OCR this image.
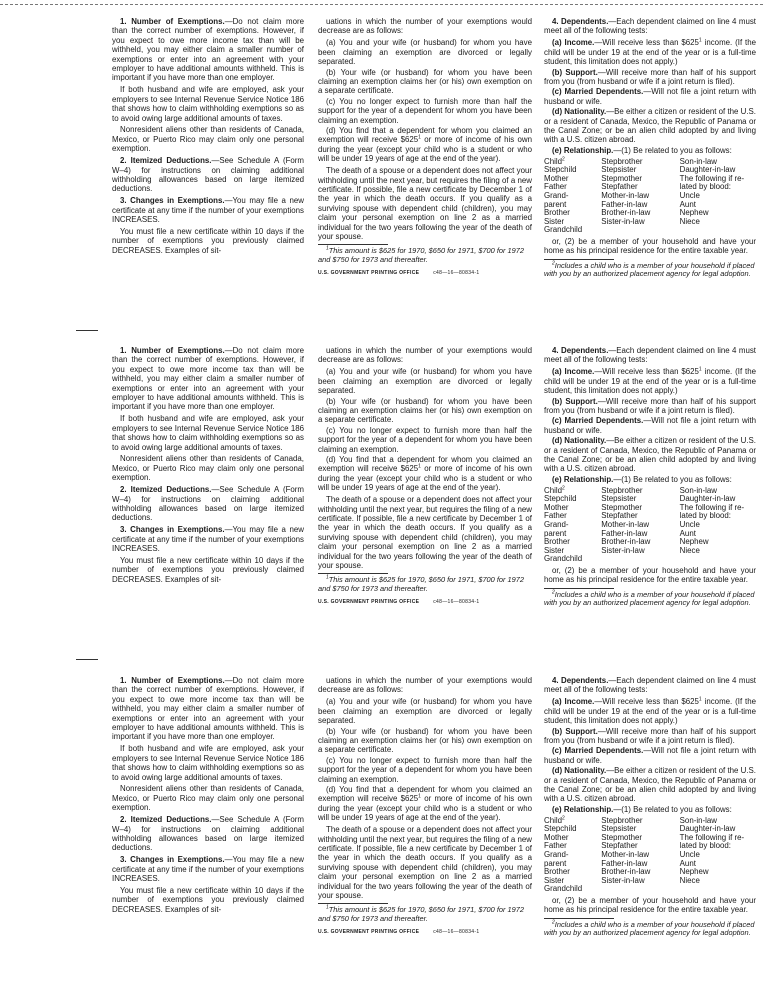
1. Number of Exemptions.—Do not claim more than the correct number of exemptions. However, if you expect to owe more income tax than will be withheld, you may either claim a smaller number of exemptions or enter into an agreement with your employer to have additional amounts withheld. This is important if you have more than one employer.

If both husband and wife are employed, ask your employers to see Internal Revenue Service Notice 186 that shows how to claim withholding exemptions so as to avoid owing large additional amounts of taxes.

Nonresident aliens other than residents of Canada, Mexico, or Puerto Rico may claim only one personal exemption.

2. Itemized Deductions.—See Schedule A (Form W–4) for instructions on claiming additional withholding allowances based on large itemized deductions.

3. Changes in Exemptions.—You may file a new certificate at any time if the number of your exemptions INCREASES.

You must file a new certificate within 10 days if the number of exemptions you previously claimed DECREASES. Examples of sit-

uations in which the number of your exemptions would decrease are as follows:

(a) You and your wife (or husband) for whom you have been claiming an exemption are divorced or legally separated.

(b) Your wife (or husband) for whom you have been claiming an exemption claims her (or his) own exemption on a separate certificate.

(c) You no longer expect to furnish more than half the support for the year of a dependent for whom you have been claiming an exemption.

(d) You find that a dependent for whom you claimed an exemption will receive $\$625^1$ or more of income of his own during the year (except your child who is a student or who will be under 19 years of age at the end of the year).

The death of a spouse or a dependent does not affect your withholding until the next year, but requires the filing of a new certificate. If possible, file a new certificate by December 1 of the year in which the death occurs. If you qualify as a surviving spouse with dependent child (children), you may claim your personal exemption on line 2 as a married individual for the two years following the year of the death of your spouse.

$^1$This amount is $625 for 1970, $650 for 1971, $700 for 1972 and $750 for 1973 and thereafter.

U.S. GOVERNMENT PRINTING OFFICE	c48—16—80834-1

4. Dependents.—Each dependent claimed on line 4 must meet all of the following tests:

(a) Income.—Will receive less than $\$625^1$ income. (If the child will be under 19 at the end of the year or is a full-time student, this limitation does not apply.)

(b) Support.—Will receive more than half of his support from you (from husband or wife if a joint return is filed).

(c) Married Dependents.—Will not file a joint return with husband or wife.

(d) Nationality.—Be either a citizen or resident of the U.S. or a resident of Canada, Mexico, the Republic of Panama or the Canal Zone; or be an alien child adopted by and living with a U.S. citizen abroad.

(e) Relationship.—(1) Be related to you as follows:

Child$^2$	Stepbrother	Son-in-law
Stepchild	Stepsister	Daughter-in-law
Mother	Stepmother	The following if re-
Father	Stepfather	lated by blood:
Grand-	Mother-in-law	Uncle
parent	Father-in-law	Aunt
Brother	Brother-in-law	Nephew
Sister	Sister-in-law	Niece
Grandchild		

or, (2) be a member of your household and have your home as his principal residence for the entire taxable year.

$^2$Includes a child who is a member of your household if placed with you by an authorized placement agency for legal adoption.

1. Number of Exemptions.—Do not claim more than the correct number of exemptions. However, if you expect to owe more income tax than will be withheld, you may either claim a smaller number of exemptions or enter into an agreement with your employer to have additional amounts withheld. This is important if you have more than one employer.

If both husband and wife are employed, ask your employers to see Internal Revenue Service Notice 186 that shows how to claim withholding exemptions so as to avoid owing large additional amounts of taxes.

Nonresident aliens other than residents of Canada, Mexico, or Puerto Rico may claim only one personal exemption.

2. Itemized Deductions.—See Schedule A (Form W–4) for instructions on claiming additional withholding allowances based on large itemized deductions.

3. Changes in Exemptions.—You may file a new certificate at any time if the number of your exemptions INCREASES.

You must file a new certificate within 10 days if the number of exemptions you previously claimed DECREASES. Examples of sit-

uations in which the number of your exemptions would decrease are as follows:

(a) You and your wife (or husband) for whom you have been claiming an exemption are divorced or legally separated.

(b) Your wife (or husband) for whom you have been claiming an exemption claims her (or his) own exemption on a separate certificate.

(c) You no longer expect to furnish more than half the support for the year of a dependent for whom you have been claiming an exemption.

(d) You find that a dependent for whom you claimed an exemption will receive $\$625^1$ or more of income of his own during the year (except your child who is a student or who will be under 19 years of age at the end of the year).

The death of a spouse or a dependent does not affect your withholding until the next year, but requires the filing of a new certificate. If possible, file a new certificate by December 1 of the year in which the death occurs. If you qualify as a surviving spouse with dependent child (children), you may claim your personal exemption on line 2 as a married individual for the two years following the year of the death of your spouse.

$^1$This amount is $625 for 1970, $650 for 1971, $700 for 1972 and $750 for 1973 and thereafter.

U.S. GOVERNMENT PRINTING OFFICE	c48—16—80834-1

4. Dependents.—Each dependent claimed on line 4 must meet all of the following tests:

(a) Income.—Will receive less than $\$625^1$ income. (If the child will be under 19 at the end of the year or is a full-time student, this limitation does not apply.)

(b) Support.—Will receive more than half of his support from you (from husband or wife if a joint return is filed).

(c) Married Dependents.—Will not file a joint return with husband or wife.

(d) Nationality.—Be either a citizen or resident of the U.S. or a resident of Canada, Mexico, the Republic of Panama or the Canal Zone; or be an alien child adopted by and living with a U.S. citizen abroad.

(e) Relationship.—(1) Be related to you as follows:

Child$^2$	Stepbrother	Son-in-law
Stepchild	Stepsister	Daughter-in-law
Mother	Stepmother	The following if re-
Father	Stepfather	lated by blood:
Grand-	Mother-in-law	Uncle
parent	Father-in-law	Aunt
Brother	Brother-in-law	Nephew
Sister	Sister-in-law	Niece
Grandchild		

or, (2) be a member of your household and have your home as his principal residence for the entire taxable year.

$^2$Includes a child who is a member of your household if placed with you by an authorized placement agency for legal adoption.

1. Number of Exemptions.—Do not claim more than the correct number of exemptions. However, if you expect to owe more income tax than will be withheld, you may either claim a smaller number of exemptions or enter into an agreement with your employer to have additional amounts withheld. This is important if you have more than one employer.

If both husband and wife are employed, ask your employers to see Internal Revenue Service Notice 186 that shows how to claim withholding exemptions so as to avoid owing large additional amounts of taxes.

Nonresident aliens other than residents of Canada, Mexico, or Puerto Rico may claim only one personal exemption.

2. Itemized Deductions.—See Schedule A (Form W–4) for instructions on claiming additional withholding allowances based on large itemized deductions.

3. Changes in Exemptions.—You may file a new certificate at any time if the number of your exemptions INCREASES.

You must file a new certificate within 10 days if the number of exemptions you previously claimed DECREASES. Examples of sit-

uations in which the number of your exemptions would decrease are as follows:

(a) You and your wife (or husband) for whom you have been claiming an exemption are divorced or legally separated.

(b) Your wife (or husband) for whom you have been claiming an exemption claims her (or his) own exemption on a separate certificate.

(c) You no longer expect to furnish more than half the support for the year of a dependent for whom you have been claiming an exemption.

(d) You find that a dependent for whom you claimed an exemption will receive $\$625^1$ or more of income of his own during the year (except your child who is a student or who will be under 19 years of age at the end of the year).

The death of a spouse or a dependent does not affect your withholding until the next year, but requires the filing of a new certificate. If possible, file a new certificate by December 1 of the year in which the death occurs. If you qualify as a surviving spouse with dependent child (children), you may claim your personal exemption on line 2 as a married individual for the two years following the year of the death of your spouse.

$^1$This amount is $625 for 1970, $650 for 1971, $700 for 1972 and $750 for 1973 and thereafter.

U.S. GOVERNMENT PRINTING OFFICE	c48—16—80834-1

4. Dependents.—Each dependent claimed on line 4 must meet all of the following tests:

(a) Income.—Will receive less than $\$625^1$ income. (If the child will be under 19 at the end of the year or is a full-time student, this limitation does not apply.)

(b) Support.—Will receive more than half of his support from you (from husband or wife if a joint return is filed).

(c) Married Dependents.—Will not file a joint return with husband or wife.

(d) Nationality.—Be either a citizen or resident of the U.S. or a resident of Canada, Mexico, the Republic of Panama or the Canal Zone; or be an alien child adopted by and living with a U.S. citizen abroad.

(e) Relationship.—(1) Be related to you as follows:

Child$^2$	Stepbrother	Son-in-law
Stepchild	Stepsister	Daughter-in-law
Mother	Stepmother	The following if re-
Father	Stepfather	lated by blood:
Grand-	Mother-in-law	Uncle
parent	Father-in-law	Aunt
Brother	Brother-in-law	Nephew
Sister	Sister-in-law	Niece
Grandchild		

or, (2) be a member of your household and have your home as his principal residence for the entire taxable year.

$^2$Includes a child who is a member of your household if placed with you by an authorized placement agency for legal adoption.
